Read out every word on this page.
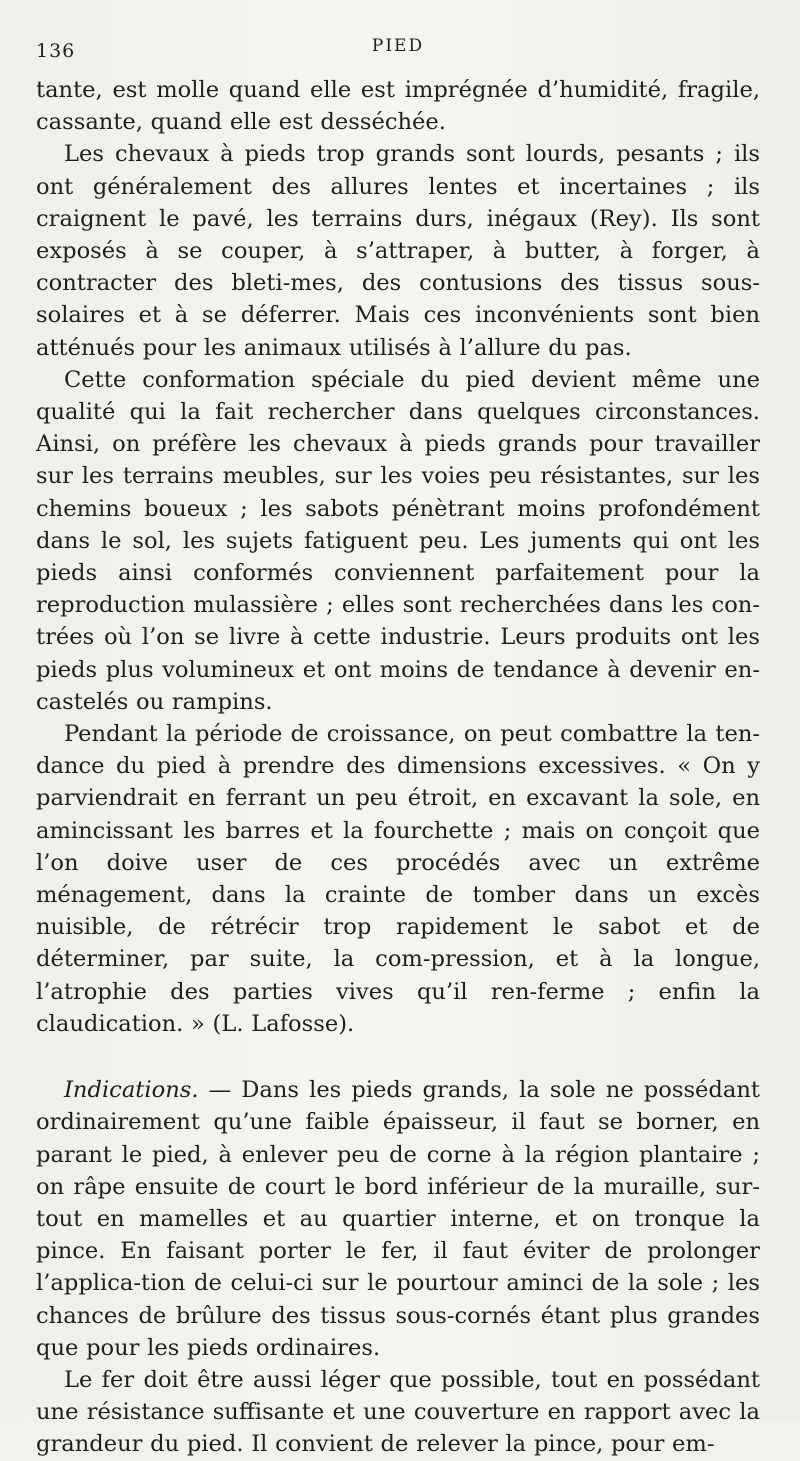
136	PIED

tante, est molle quand elle est imprégnée d’humidité, fragile, cassante, quand elle est desséchée.

Les chevaux à pieds trop grands sont lourds, pesants ; ils ont généralement des allures lentes et incertaines ; ils craignent le pavé, les terrains durs, inégaux (Rey). Ils sont exposés à se couper, à s’attraper, à butter, à forger, à contracter des bleti-mes, des contusions des tissus sous-solaires et à se déferrer. Mais ces inconvénients sont bien atténués pour les animaux utilisés à l’allure du pas.

Cette conformation spéciale du pied devient même une qualité qui la fait rechercher dans quelques circonstances. Ainsi, on préfère les chevaux à pieds grands pour travailler sur les terrains meubles, sur les voies peu résistantes, sur les chemins boueux ; les sabots pénètrant moins profondément dans le sol, les sujets fatiguent peu. Les juments qui ont les pieds ainsi conformés conviennent parfaitement pour la reproduction mulassière ; elles sont recherchées dans les con-trées où l’on se livre à cette industrie. Leurs produits ont les pieds plus volumineux et ont moins de tendance à devenir en-castelés ou rampins.

Pendant la période de croissance, on peut combattre la ten-dance du pied à prendre des dimensions excessives. « On y parviendrait en ferrant un peu étroit, en excavant la sole, en amincissant les barres et la fourchette ; mais on conçoit que l’on doive user de ces procédés avec un extrême ménagement, dans la crainte de tomber dans un excès nuisible, de rétrécir trop rapidement le sabot et de déterminer, par suite, la com-pression, et à la longue, l’atrophie des parties vives qu’il ren-ferme ; enfin la claudication. » (L. Lafosse).

Indications. — Dans les pieds grands, la sole ne possédant ordinairement qu’une faible épaisseur, il faut se borner, en parant le pied, à enlever peu de corne à la région plantaire ; on râpe ensuite de court le bord inférieur de la muraille, sur-tout en mamelles et au quartier interne, et on tronque la pince. En faisant porter le fer, il faut éviter de prolonger l’applica-tion de celui-ci sur le pourtour aminci de la sole ; les chances de brûlure des tissus sous-cornés étant plus grandes que pour les pieds ordinaires.

Le fer doit être aussi léger que possible, tout en possédant une résistance suffisante et une couverture en rapport avec la grandeur du pied. Il convient de relever la pince, pour em-
